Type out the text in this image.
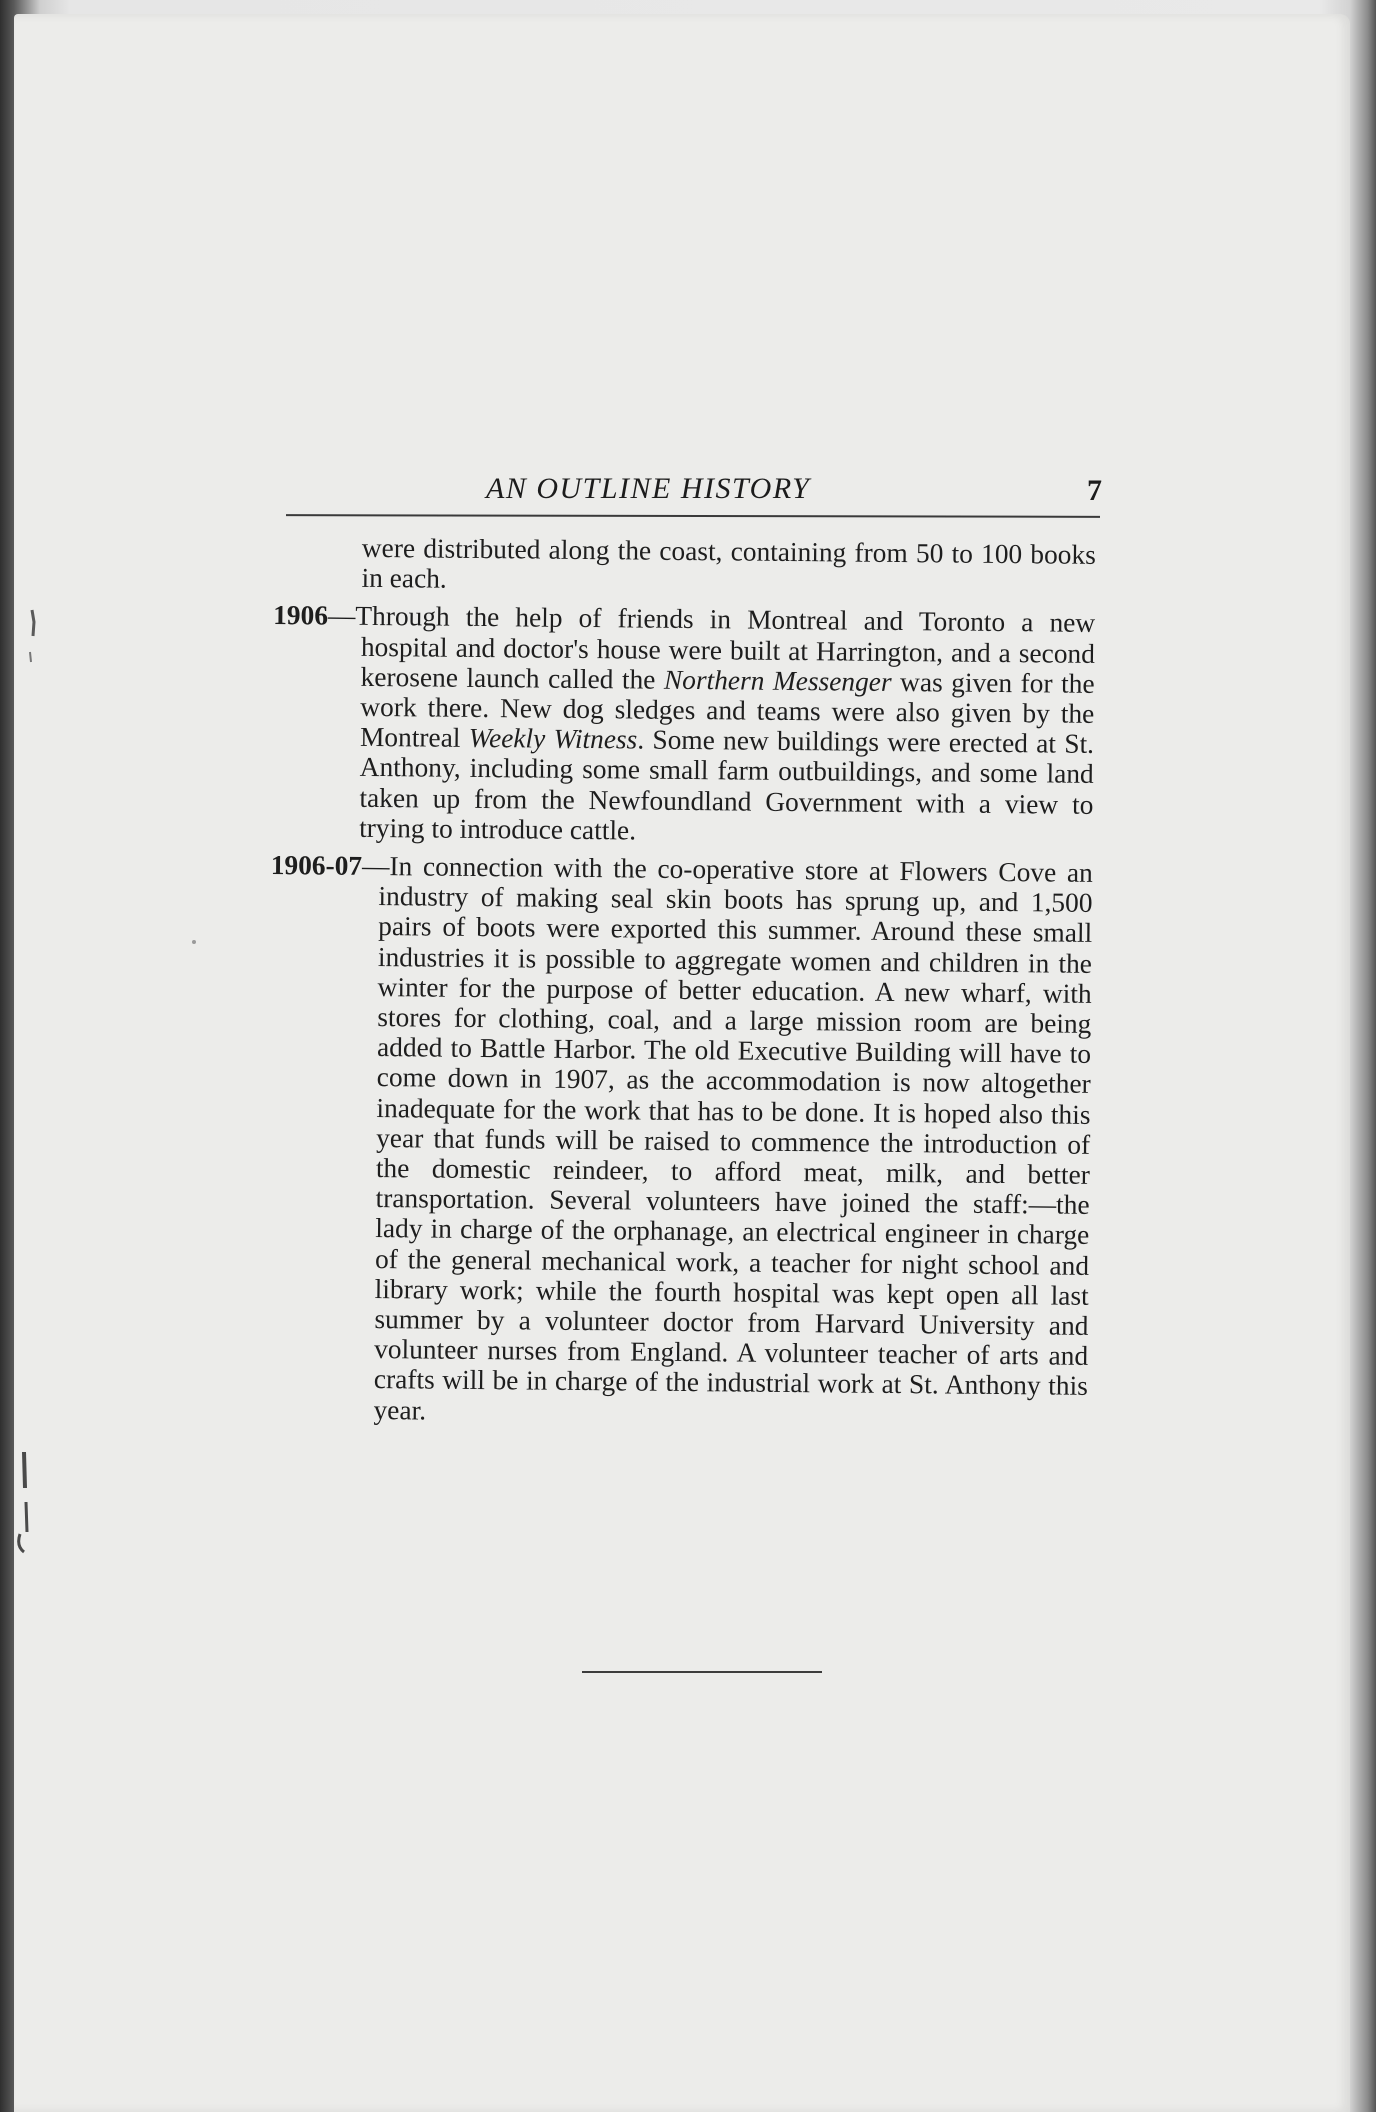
AN OUTLINE HISTORY	7

were distributed along the coast, containing from 50 to 100 books in each.

1906—Through the help of friends in Montreal and Toronto a new hospital and doctor's house were built at Harrington, and a second kerosene launch called the Northern Messenger was given for the work there. New dog sledges and teams were also given by the Montreal Weekly Witness. Some new buildings were erected at St. Anthony, including some small farm outbuildings, and some land taken up from the Newfoundland Government with a view to trying to introduce cattle.

1906-07—In connection with the co-operative store at Flowers Cove an industry of making seal skin boots has sprung up, and 1,500 pairs of boots were exported this summer. Around these small industries it is possible to aggregate women and children in the winter for the purpose of better education. A new wharf, with stores for clothing, coal, and a large mission room are being added to Battle Harbor. The old Executive Building will have to come down in 1907, as the accommodation is now altogether inadequate for the work that has to be done. It is hoped also this year that funds will be raised to commence the introduction of the domestic reindeer, to afford meat, milk, and better transportation. Several volunteers have joined the staff:—the lady in charge of the orphanage, an electrical engineer in charge of the general mechanical work, a teacher for night school and library work; while the fourth hospital was kept open all last summer by a volunteer doctor from Harvard University and volunteer nurses from England. A volunteer teacher of arts and crafts will be in charge of the industrial work at St. Anthony this year.
